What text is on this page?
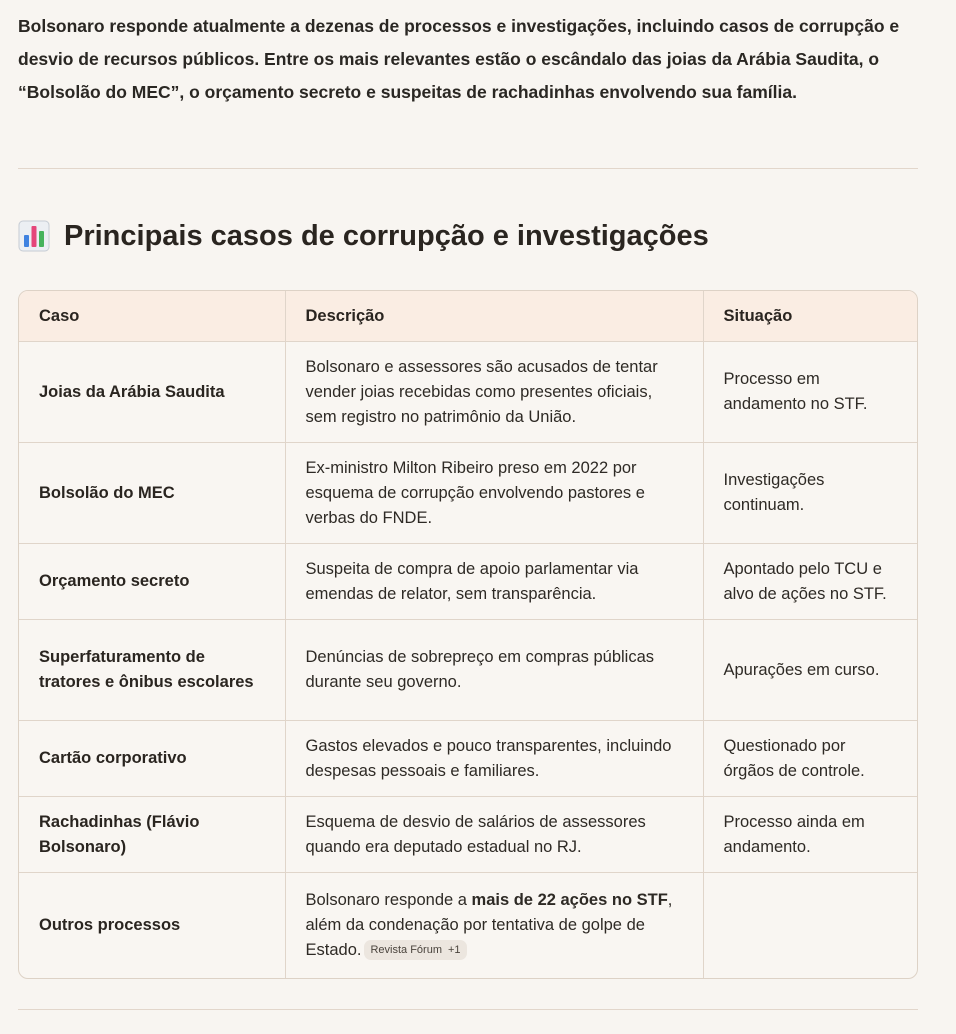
Bolsonaro responde atualmente a dezenas de processos e investigações, incluindo casos de corrupção e desvio de recursos públicos. Entre os mais relevantes estão o escândalo das joias da Arábia Saudita, o “Bolsolão do MEC”, o orçamento secreto e suspeitas de rachadinhas envolvendo sua família.

Principais casos de corrupção e investigações
Caso	Descrição	Situação
Joias da Arábia Saudita	Bolsonaro e assessores são acusados de tentar vender joias recebidas como presentes oficiais, sem registro no patrimônio da União.	Processo em andamento no STF.
Bolsolão do MEC	Ex-ministro Milton Ribeiro preso em 2022 por esquema de corrupção envolvendo pastores e verbas do FNDE.	Investigações continuam.
Orçamento secreto	Suspeita de compra de apoio parlamentar via emendas de relator, sem transparência.	Apontado pelo TCU e alvo de ações no STF.
Superfaturamento de tratores e ônibus escolares	Denúncias de sobrepreço em compras públicas durante seu governo.	Apurações em curso.
Cartão corporativo	Gastos elevados e pouco transparentes, incluindo despesas pessoais e familiares.	Questionado por órgãos de controle.
Rachadinhas (Flávio Bolsonaro)	Esquema de desvio de salários de assessores quando era deputado estadual no RJ.	Processo ainda em andamento.
Outros processos	Bolsonaro responde a mais de 22 ações no STF, além da condenação por tentativa de golpe de Estado. Revista Fórum +1	
